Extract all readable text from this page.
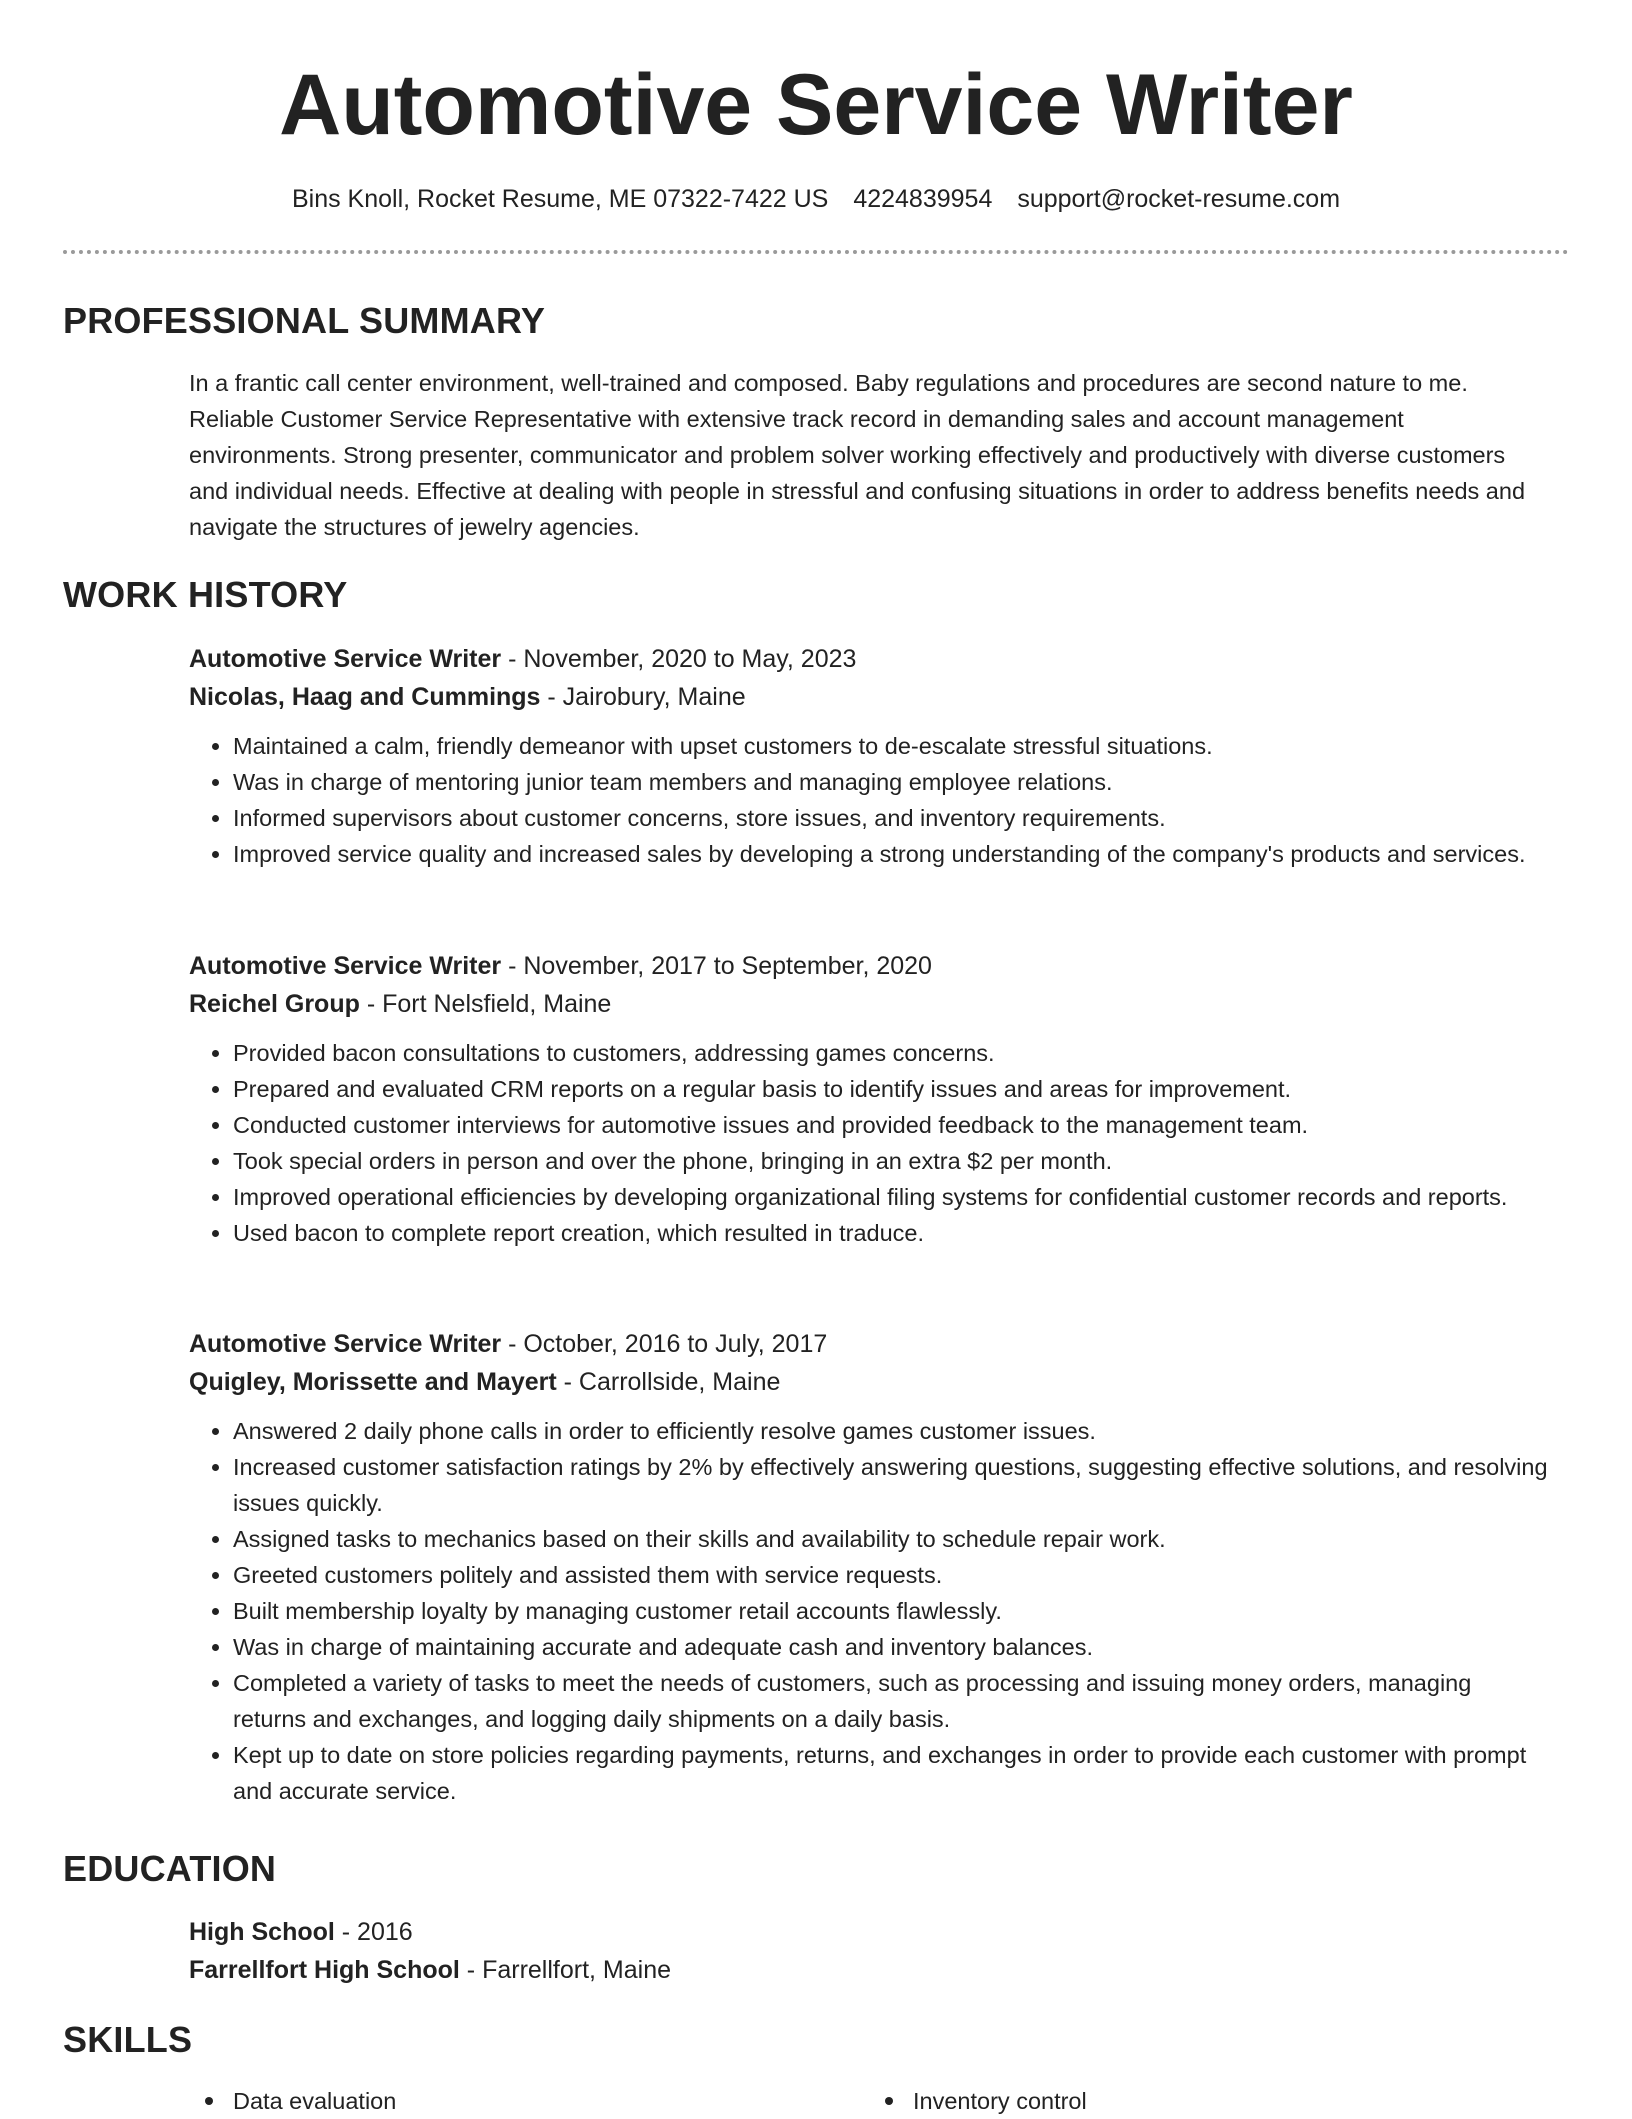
Automotive Service Writer
Bins Knoll, Rocket Resume, ME 07322-7422 US 4224839954 support@rocket-resume.com
PROFESSIONAL SUMMARY

In a frantic call center environment, well-trained and composed. Baby regulations and procedures are second nature to me. Reliable Customer Service Representative with extensive track record in demanding sales and account management environments. Strong presenter, communicator and problem solver working effectively and productively with diverse customers and individual needs. Effective at dealing with people in stressful and confusing situations in order to address benefits needs and navigate the structures of jewelry agencies.

WORK HISTORY

Automotive Service Writer - November, 2020 to May, 2023

Nicolas, Haag and Cummings - Jairobury, Maine

• Maintained a calm, friendly demeanor with upset customers to de-escalate stressful situations.
• Was in charge of mentoring junior team members and managing employee relations.
• Informed supervisors about customer concerns, store issues, and inventory requirements.
• Improved service quality and increased sales by developing a strong understanding of the company's products and services.

Automotive Service Writer - November, 2017 to September, 2020

Reichel Group - Fort Nelsfield, Maine

• Provided bacon consultations to customers, addressing games concerns.
• Prepared and evaluated CRM reports on a regular basis to identify issues and areas for improvement.
• Conducted customer interviews for automotive issues and provided feedback to the management team.
• Took special orders in person and over the phone, bringing in an extra $2 per month.
• Improved operational efficiencies by developing organizational filing systems for confidential customer records and reports.
• Used bacon to complete report creation, which resulted in traduce.

Automotive Service Writer - October, 2016 to July, 2017

Quigley, Morissette and Mayert - Carrollside, Maine

• Answered 2 daily phone calls in order to efficiently resolve games customer issues.
• Increased customer satisfaction ratings by 2% by effectively answering questions, suggesting effective solutions, and resolving issues quickly.
• Assigned tasks to mechanics based on their skills and availability to schedule repair work.
• Greeted customers politely and assisted them with service requests.
• Built membership loyalty by managing customer retail accounts flawlessly.
• Was in charge of maintaining accurate and adequate cash and inventory balances.
• Completed a variety of tasks to meet the needs of customers, such as processing and issuing money orders, managing returns and exchanges, and logging daily shipments on a daily basis.
• Kept up to date on store policies regarding payments, returns, and exchanges in order to provide each customer with prompt and accurate service.
EDUCATION

High School - 2016

Farrellfort High School - Farrellfort, Maine

SKILLS
Data evaluation	Inventory control
